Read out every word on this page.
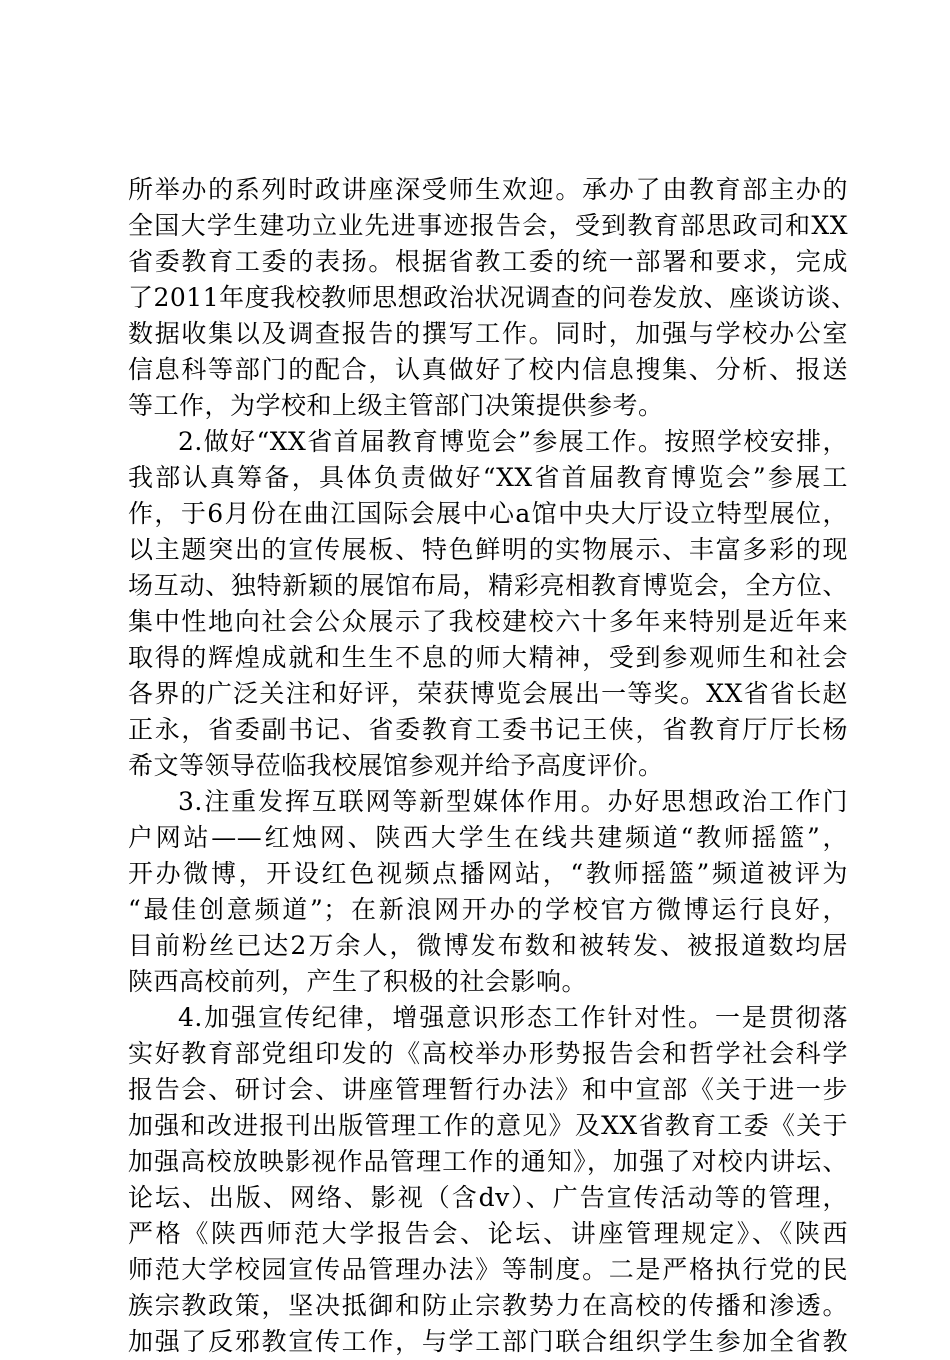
所举办的系列时政讲座深受师生欢迎。承办了由教育部主办的
全国大学生建功立业先进事迹报告会，受到教育部思政司和XX
省委教育工委的表扬。根据省教工委的统一部署和要求，完成
了2011年度我校教师思想政治状况调查的问卷发放、座谈访谈、
数据收集以及调查报告的撰写工作。同时，加强与学校办公室
信息科等部门的配合，认真做好了校内信息搜集、分析、报送
等工作，为学校和上级主管部门决策提供参考。
2.做好“XX省首届教育博览会”参展工作。按照学校安排，
我部认真筹备，具体负责做好“XX省首届教育博览会”参展工
作，于6月份在曲江国际会展中心a馆中央大厅设立特型展位，
以主题突出的宣传展板、特色鲜明的实物展示、丰富多彩的现
场互动、独特新颖的展馆布局，精彩亮相教育博览会，全方位、
集中性地向社会公众展示了我校建校六十多年来特别是近年来
取得的辉煌成就和生生不息的师大精神，受到参观师生和社会
各界的广泛关注和好评，荣获博览会展出一等奖。XX省省长赵
正永，省委副书记、省委教育工委书记王侠，省教育厅厅长杨
希文等领导莅临我校展馆参观并给予高度评价。
3.注重发挥互联网等新型媒体作用。办好思想政治工作门
户网站——红烛网、陕西大学生在线共建频道“教师摇篮”，
开办微博，开设红色视频点播网站，“教师摇篮”频道被评为
“最佳创意频道”；在新浪网开办的学校官方微博运行良好，
目前粉丝已达2万余人，微博发布数和被转发、被报道数均居
陕西高校前列，产生了积极的社会影响。
4.加强宣传纪律，增强意识形态工作针对性。一是贯彻落
实好教育部党组印发的《高校举办形势报告会和哲学社会科学
报告会、研讨会、讲座管理暂行办法》和中宣部《关于进一步
加强和改进报刊出版管理工作的意见》及XX省教育工委《关于
加强高校放映影视作品管理工作的通知》，加强了对校内讲坛、
论坛、出版、网络、影视（含dv）、广告宣传活动等的管理，
严格《陕西师范大学报告会、论坛、讲座管理规定》、《陕西
师范大学校园宣传品管理办法》等制度。二是严格执行党的民
族宗教政策，坚决抵御和防止宗教势力在高校的传播和渗透。
加强了反邪教宣传工作，与学工部门联合组织学生参加全省教
